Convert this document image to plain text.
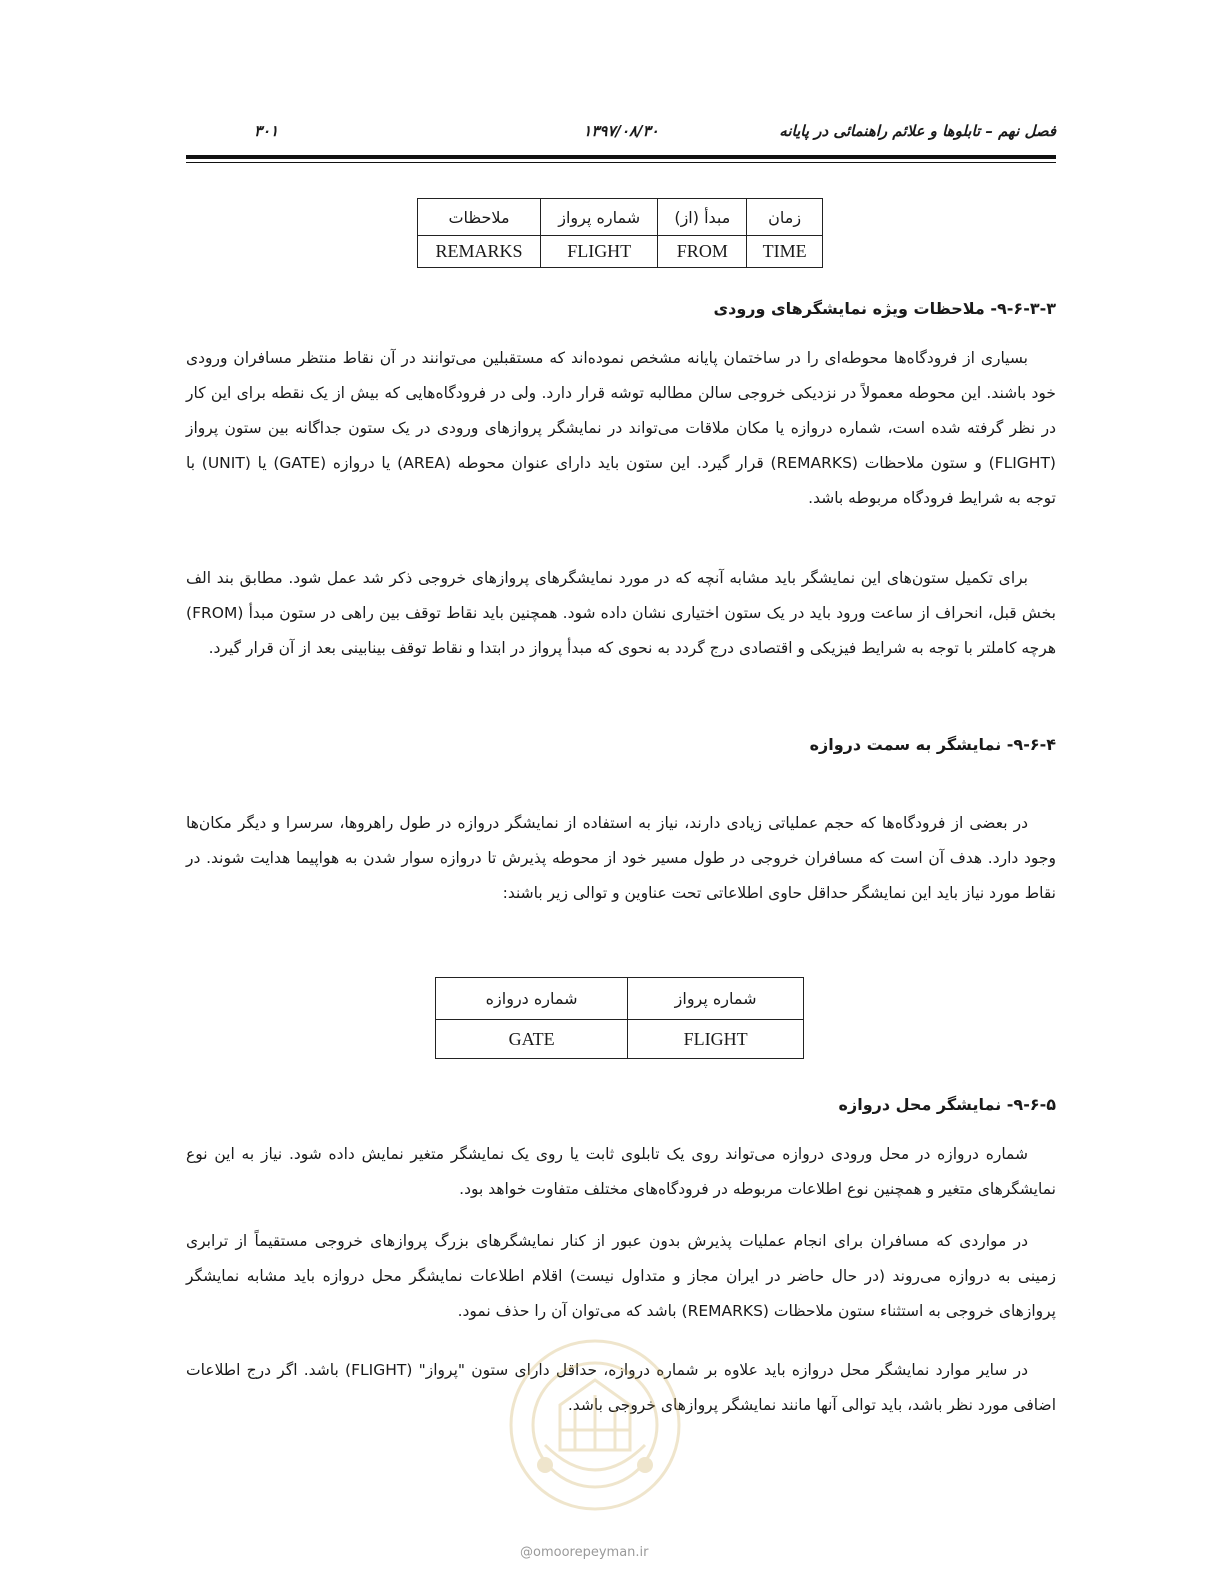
فصل نهم – تابلوها و علائم راهنمائی در پایانه
۱۳۹۷/۰۸/۳۰
۳۰۱
زمان	مبدأ (از)	شماره پرواز	ملاحظات
TIME	FROM	FLIGHT	REMARKS
۹-۶-۳-۳- ملاحظات ویژه نمایشگرهای ورودی

بسیاری از فرودگاه‌ها محوطه‌ای را در ساختمان پایانه مشخص نموده‌اند که مستقبلین می‌توانند در آن نقاط منتظر مسافران ورودی خود باشند. این محوطه معمولاً در نزدیکی خروجی سالن مطالبه توشه قرار دارد. ولی در فرودگاه‌هایی که بیش از یک نقطه برای این کار در نظر گرفته شده است، شماره دروازه یا مکان ملاقات می‌تواند در نمایشگر پروازهای ورودی در یک ستون جداگانه بین ستون پرواز (FLIGHT) و ستون ملاحظات (REMARKS) قرار گیرد. این ستون باید دارای عنوان محوطه (AREA) یا دروازه (GATE) یا (UNIT) با توجه به شرایط فرودگاه مربوطه باشد.

برای تکمیل ستون‌های این نمایشگر باید مشابه آنچه که در مورد نمایشگرهای پروازهای خروجی ذکر شد عمل شود. مطابق بند الف بخش قبل، انحراف از ساعت ورود باید در یک ستون اختیاری نشان داده شود. همچنین باید نقاط توقف بین راهی در ستون مبدأ (FROM) هرچه کاملتر با توجه به شرایط فیزیکی و اقتصادی درج گردد به نحوی که مبدأ پرواز در ابتدا و نقاط توقف بینابینی بعد از آن قرار گیرد.

۹-۶-۴- نمایشگر به سمت دروازه

در بعضی از فرودگاه‌ها که حجم عملیاتی زیادی دارند، نیاز به استفاده از نمایشگر دروازه در طول راهروها، سرسرا و دیگر مکان‌ها وجود دارد. هدف آن است که مسافران خروجی در طول مسیر خود از محوطه پذیرش تا دروازه سوار شدن به هواپیما هدایت شوند. در نقاط مورد نیاز باید این نمایشگر حداقل حاوی اطلاعاتی تحت عناوین و توالی زیر باشند:

شماره پرواز	شماره دروازه
FLIGHT	GATE
۹-۶-۵- نمایشگر محل دروازه

شماره دروازه در محل ورودی دروازه می‌تواند روی یک تابلوی ثابت یا روی یک نمایشگر متغیر نمایش داده شود. نیاز به این نوع نمایشگرهای متغیر و همچنین نوع اطلاعات مربوطه در فرودگاه‌های مختلف متفاوت خواهد بود.

در مواردی که مسافران برای انجام عملیات پذیرش بدون عبور از کنار نمایشگرهای بزرگ پروازهای خروجی مستقیماً از ترابری زمینی به دروازه می‌روند (در حال حاضر در ایران مجاز و متداول نیست) اقلام اطلاعات نمایشگر محل دروازه باید مشابه نمایشگر پروازهای خروجی به استثناء ستون ملاحظات (REMARKS) باشد که می‌توان آن را حذف نمود.

در سایر موارد نمایشگر محل دروازه باید علاوه بر شماره دروازه، حداقل دارای ستون "پرواز" (FLIGHT) باشد. اگر درج اطلاعات اضافی مورد نظر باشد، باید توالی آنها مانند نمایشگر پروازهای خروجی باشد.

@omoorepeyman.ir
